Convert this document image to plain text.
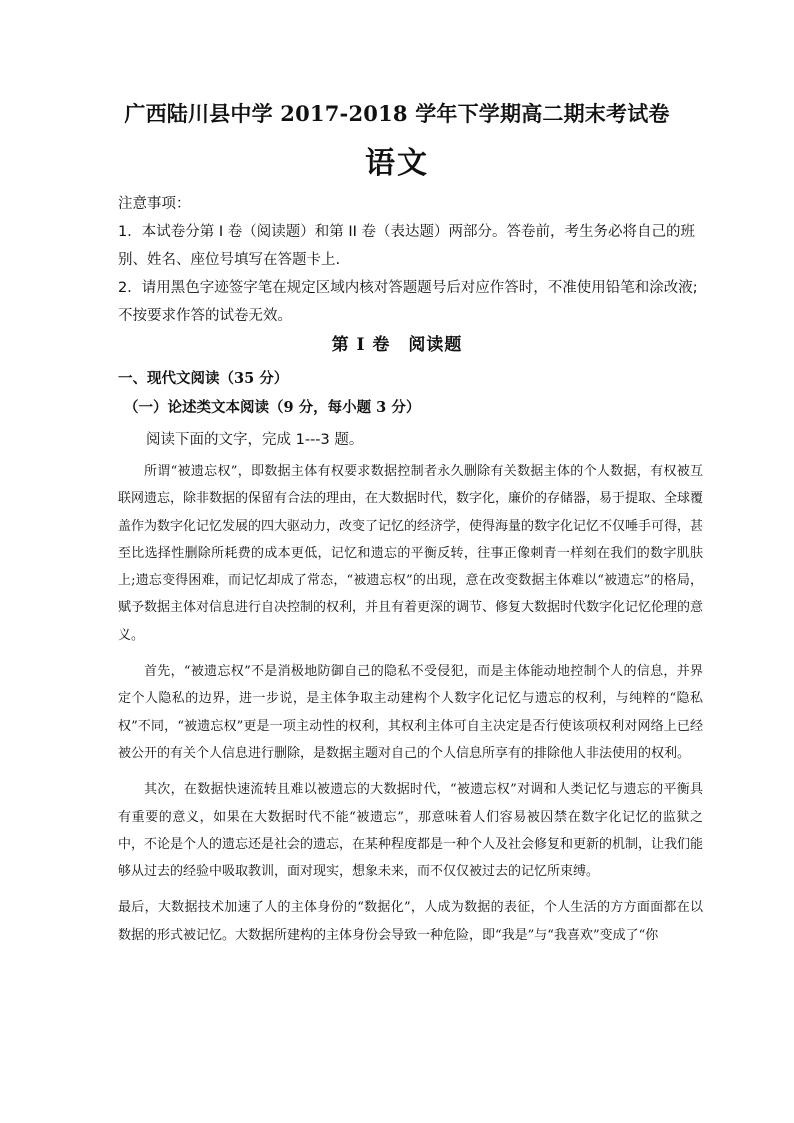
广西陆川县中学 2017-2018 学年下学期高二期末考试卷
语文

注意事项：

1．本试卷分第 I 卷（阅读题）和第 II 卷（表达题）两部分。答卷前，考生务必将自己的班别、姓名、座位号填写在答题卡上.

2．请用黑色字迹签字笔在规定区域内核对答题题号后对应作答时，不准使用铅笔和涂改液;不按要求作答的试卷无效。

第 I 卷　阅读题
一、现代文阅读（35 分）
（一）论述类文本阅读（9 分，每小题 3 分）
阅读下面的文字，完成 1---3 题。

所谓“被遗忘权”，即数据主体有权要求数据控制者永久删除有关数据主体的个人数据，有权被互联网遗忘，除非数据的保留有合法的理由，在大数据时代，数字化，廉价的存储器，易于提取、全球覆盖作为数字化记忆发展的四大驱动力，改变了记忆的经济学，使得海量的数字化记忆不仅唾手可得，甚至比选择性删除所耗费的成本更低，记忆和遗忘的平衡反转，往事正像刺青一样刻在我们的数字肌肤上;遗忘变得困难，而记忆却成了常态，“被遗忘权”的出现，意在改变数据主体难以“被遗忘”的格局，赋予数据主体对信息进行自决控制的权利，并且有着更深的调节、修复大数据时代数字化记忆伦理的意义。

首先，“被遗忘权”不是消极地防御自己的隐私不受侵犯，而是主体能动地控制个人的信息，并界定个人隐私的边界，进一步说，是主体争取主动建构个人数字化记忆与遗忘的权利，与纯粹的“隐私权”不同，“被遗忘权”更是一项主动性的权利，其权利主体可自主决定是否行使该项权利对网络上已经被公开的有关个人信息进行删除，是数据主题对自己的个人信息所享有的排除他人非法使用的权利。

其次，在数据快速流转且难以被遗忘的大数据时代，“被遗忘权”对调和人类记忆与遗忘的平衡具有重要的意义，如果在大数据时代不能“被遗忘”，那意味着人们容易被囚禁在数字化记忆的监狱之中，不论是个人的遗忘还是社会的遗忘，在某种程度都是一种个人及社会修复和更新的机制，让我们能够从过去的经验中吸取教训，面对现实，想象未来，而不仅仅被过去的记忆所束缚。

最后，大数据技术加速了人的主体身份的“数据化”，人成为数据的表征，个人生活的方方面面都在以数据的形式被记忆。大数据所建构的主体身份会导致一种危险，即“我是”与“我喜欢”变成了“你
